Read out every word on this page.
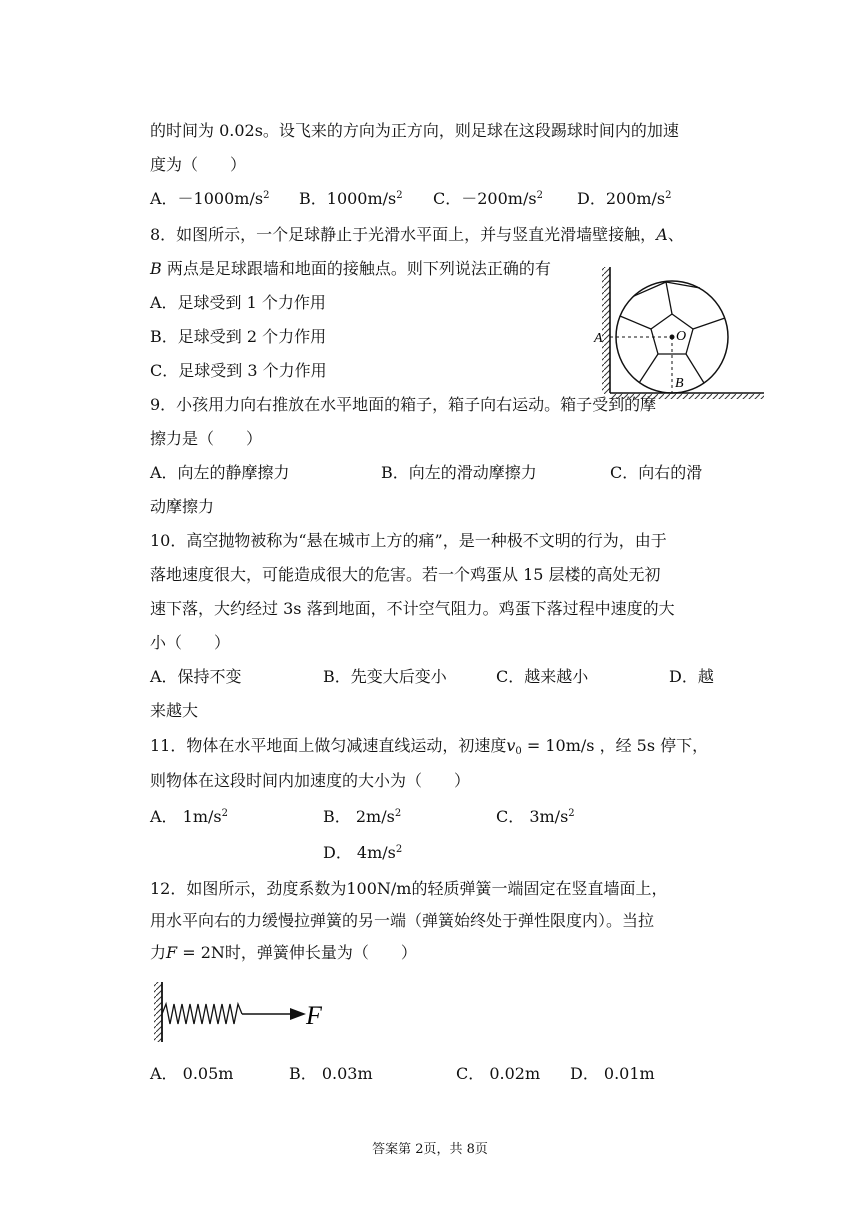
的时间为 0.02s。设飞来的方向为正方向，则足球在这段踢球时间内的加速
度为（　　）
A．$-1000m/s^2$ B．$1000m/s^2$ C．$-200m/s^2$ D．$200m/s^2$
8．如图所示，一个足球静止于光滑水平面上，并与竖直光滑墙壁接触，A、
B 两点是足球跟墙和地面的接触点。则下列说法正确的有
A．足球受到 1 个力作用
B．足球受到 2 个力作用
C．足球受到 3 个力作用
A	O
B
9．小孩用力向右推放在水平地面的箱子，箱子向右运动。箱子受到的摩
擦力是（　　）
A．向左的静摩擦力	B．向左的滑动摩擦力	C．向右的滑
动摩擦力
10．高空抛物被称为“悬在城市上方的痛”，是一种极不文明的行为，由于
落地速度很大，可能造成很大的危害。若一个鸡蛋从 15 层楼的高处无初
速下落，大约经过 3s 落到地面，不计空气阻力。鸡蛋下落过程中速度的大
小（　　）
A．保持不变	B．先变大后变小	C．越来越小	D．越
来越大
11．物体在水平地面上做匀减速直线运动，初速度$v_0 = 10m/s$ ，经 5s 停下，
则物体在这段时间内加速度的大小为（　　）
A． $1m/s^2$	B． $2m/s^2$	C． $3m/s^2$
D． $4m/s^2$
12．如图所示，劲度系数为100N/m的轻质弹簧一端固定在竖直墙面上，
用水平向右的力缓慢拉弹簧的另一端（弹簧始终处于弹性限度内）。当拉
力F = 2N时，弹簧伸长量为（　　）
F
A． 0.05m	B． 0.03m	C． 0.02m D． 0.01m
答案第 2页，共 8页
